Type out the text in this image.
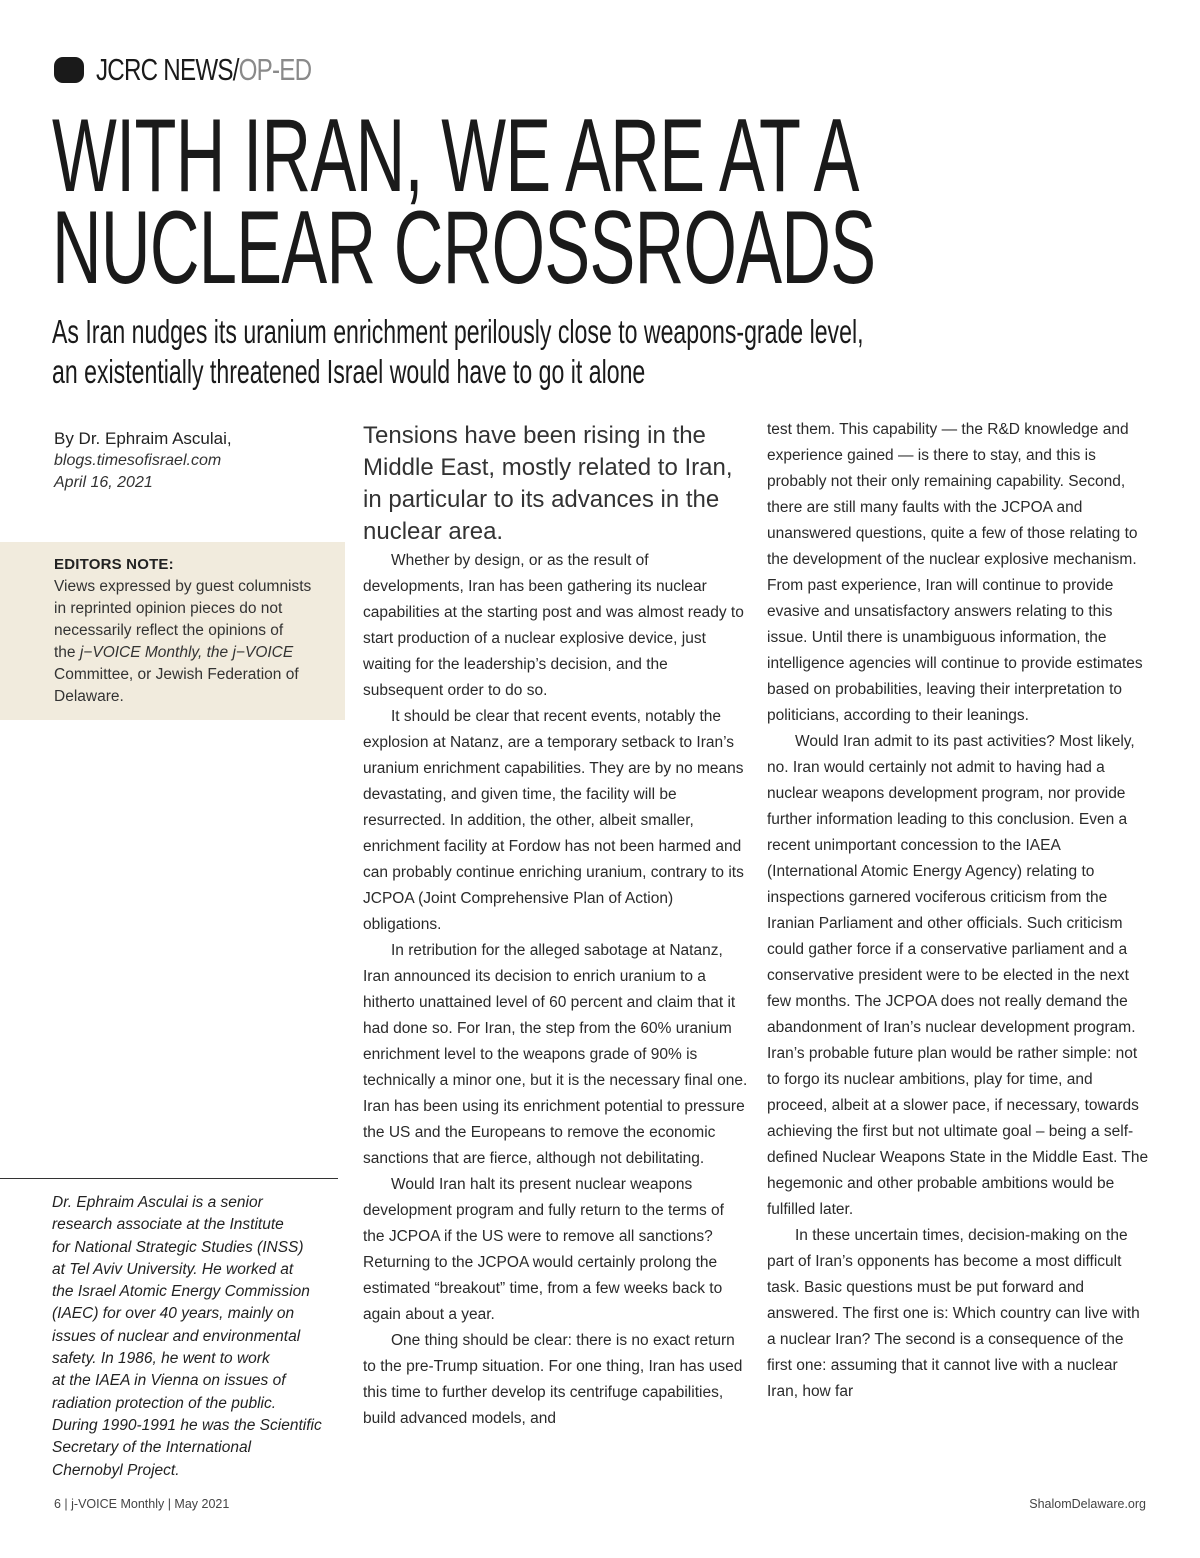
JCRC NEWS/OP-ED
WITH IRAN, WE ARE AT A
NUCLEAR CROSSROADS
As Iran nudges its uranium enrichment perilously close to weapons-grade level,
an existentially threatened Israel would have to go it alone
By Dr. Ephraim Asculai,
blogs.timesofisrael.com
April 16, 2021
EDITORS NOTE:
Views expressed by guest columnists
in reprinted opinion pieces do not
necessarily reflect the opinions of
the j−VOICE Monthly, the j−VOICE
Committee, or Jewish Federation of
Delaware.
Dr. Ephraim Asculai is a senior
research associate at the Institute
for National Strategic Studies (INSS)
at Tel Aviv University. He worked at
the Israel Atomic Energy Commission
(IAEC) for over 40 years, mainly on
issues of nuclear and environmental
safety. In 1986, he went to work
at the IAEA in Vienna on issues of
radiation protection of the public.
During 1990-1991 he was the Scientific
Secretary of the International
Chernobyl Project.

Tensions have been rising in the Middle East, mostly related to Iran, in particular to its advances in the nuclear area.

Whether by design, or as the result of developments, Iran has been gathering its nuclear capabilities at the starting post and was almost ready to start production of a nuclear explosive device, just waiting for the leadership’s decision, and the subsequent order to do so.

It should be clear that recent events, notably the explosion at Natanz, are a temporary setback to Iran’s uranium enrichment capabilities. They are by no means devastating, and given time, the facility will be resurrected. In addition, the other, albeit smaller, enrichment facility at Fordow has not been harmed and can probably continue enriching uranium, contrary to its JCPOA (Joint Comprehensive Plan of Action) obligations.

In retribution for the alleged sabotage at Natanz, Iran announced its decision to enrich uranium to a hitherto unattained level of 60 percent and claim that it had done so. For Iran, the step from the 60% uranium enrichment level to the weapons grade of 90% is technically a minor one, but it is the necessary final one. Iran has been using its enrichment potential to pressure the US and the Europeans to remove the economic sanctions that are fierce, although not debilitating.

Would Iran halt its present nuclear weapons development program and fully return to the terms of the JCPOA if the US were to remove all sanctions? Returning to the JCPOA would certainly prolong the estimated “breakout” time, from a few weeks back to again about a year.

One thing should be clear: there is no exact return to the pre-Trump situation. For one thing, Iran has used this time to further develop its centrifuge capabilities, build advanced models, and

test them. This capability — the R&D knowledge and experience gained — is there to stay, and this is probably not their only remaining capability. Second, there are still many faults with the JCPOA and unanswered questions, quite a few of those relating to the development of the nuclear explosive mechanism. From past experience, Iran will continue to provide evasive and unsatisfactory answers relating to this issue. Until there is unambiguous information, the intelligence agencies will continue to provide estimates based on probabilities, leaving their interpretation to politicians, according to their leanings.

Would Iran admit to its past activities? Most likely, no. Iran would certainly not admit to having had a nuclear weapons development program, nor provide further information leading to this conclusion. Even a recent unimportant concession to the IAEA (International Atomic Energy Agency) relating to inspections garnered vociferous criticism from the Iranian Parliament and other officials. Such criticism could gather force if a conservative parliament and a conservative president were to be elected in the next few months. The JCPOA does not really demand the abandonment of Iran’s nuclear development program. Iran’s probable future plan would be rather simple: not to forgo its nuclear ambitions, play for time, and proceed, albeit at a slower pace, if necessary, towards achieving the first but not ultimate goal – being a self-defined Nuclear Weapons State in the Middle East. The hegemonic and other probable ambitions would be fulfilled later.

In these uncertain times, decision-making on the part of Iran’s opponents has become a most difficult task. Basic questions must be put forward and answered. The first one is: Which country can live with a nuclear Iran? The second is a consequence of the first one: assuming that it cannot live with a nuclear Iran, how far

6 | j-VOICE Monthly | May 2021	ShalomDelaware.org
